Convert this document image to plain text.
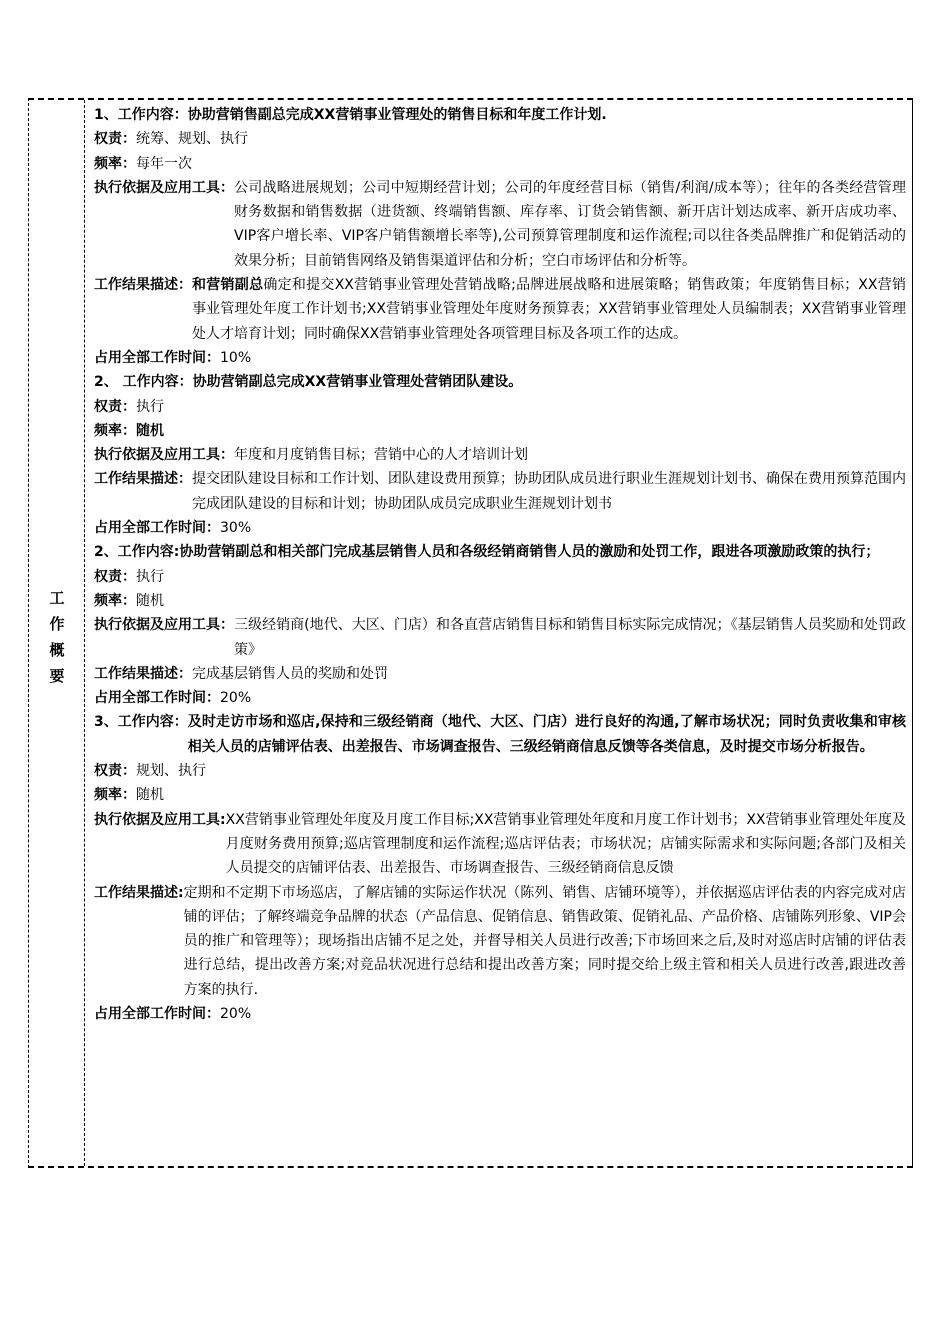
工
作
概
要
1、工作内容：协助营销售副总完成XX营销事业管理处的销售目标和年度工作计划.
权责：统筹、规划、执行
频率：每年一次
执行依据及应用工具： 公司战略进展规划；公司中短期经营计划；公司的年度经营目标（销售/利润/成本等）；往年的各类经营管理财务数据和销售数据（进货额、终端销售额、库存率、订货会销售额、新开店计划达成率、新开店成功率、VIP客户增长率、VIP客户销售额增长率等),公司预算管理制度和运作流程;司以往各类品牌推广和促销活动的效果分析；目前销售网络及销售渠道评估和分析；空白市场评估和分析等。
工作结果描述： 和营销副总确定和提交XX营销事业管理处营销战略;品牌进展战略和进展策略；销售政策；年度销售目标；XX营销事业管理处年度工作计划书;XX营销事业管理处年度财务预算表；XX营销事业管理处人员编制表；XX营销事业管理处人才培育计划；同时确保XX营销事业管理处各项管理目标及各项工作的达成。
占用全部工作时间：10%
2、 工作内容：协助营销副总完成XX营销事业管理处营销团队建设。
权责：执行
频率：随机
执行依据及应用工具： 年度和月度销售目标；营销中心的人才培训计划
工作结果描述： 提交团队建设目标和工作计划、团队建设费用预算；协助团队成员进行职业生涯规划计划书、确保在费用预算范围内完成团队建设的目标和计划；协助团队成员完成职业生涯规划计划书
占用全部工作时间：30%
2、工作内容: 协助营销副总和相关部门完成基层销售人员和各级经销商销售人员的激励和处罚工作，跟进各项激励政策的执行；
权责：执行
频率：随机
执行依据及应用工具： 三级经销商(地代、大区、门店）和各直营店销售目标和销售目标实际完成情况；《基层销售人员奖励和处罚政策》
工作结果描述：完成基层销售人员的奖励和处罚
占用全部工作时间：20%
3、工作内容： 及时走访市场和巡店,保持和三级经销商（地代、大区、门店）进行良好的沟通,了解市场状况；同时负责收集和审核相关人员的店铺评估表、出差报告、市场调查报告、三级经销商信息反馈等各类信息，及时提交市场分析报告。
权责：规划、执行
频率：随机
执行依据及应用工具: XX营销事业管理处年度及月度工作目标;XX营销事业管理处年度和月度工作计划书；XX营销事业管理处年度及月度财务费用预算;巡店管理制度和运作流程;巡店评估表；市场状况；店铺实际需求和实际问题;各部门及相关人员提交的店铺评估表、出差报告、市场调查报告、三级经销商信息反馈
工作结果描述: 定期和不定期下市场巡店，了解店铺的实际运作状况（陈列、销售、店铺环境等），并依据巡店评估表的内容完成对店铺的评估；了解终端竞争品牌的状态（产品信息、促销信息、销售政策、促销礼品、产品价格、店铺陈列形象、VIP会员的推广和管理等）；现场指出店铺不足之处，并督导相关人员进行改善;下市场回来之后,及时对巡店时店铺的评估表进行总结，提出改善方案;对竞品状况进行总结和提出改善方案；同时提交给上级主管和相关人员进行改善,跟进改善方案的执行.
占用全部工作时间：20%
